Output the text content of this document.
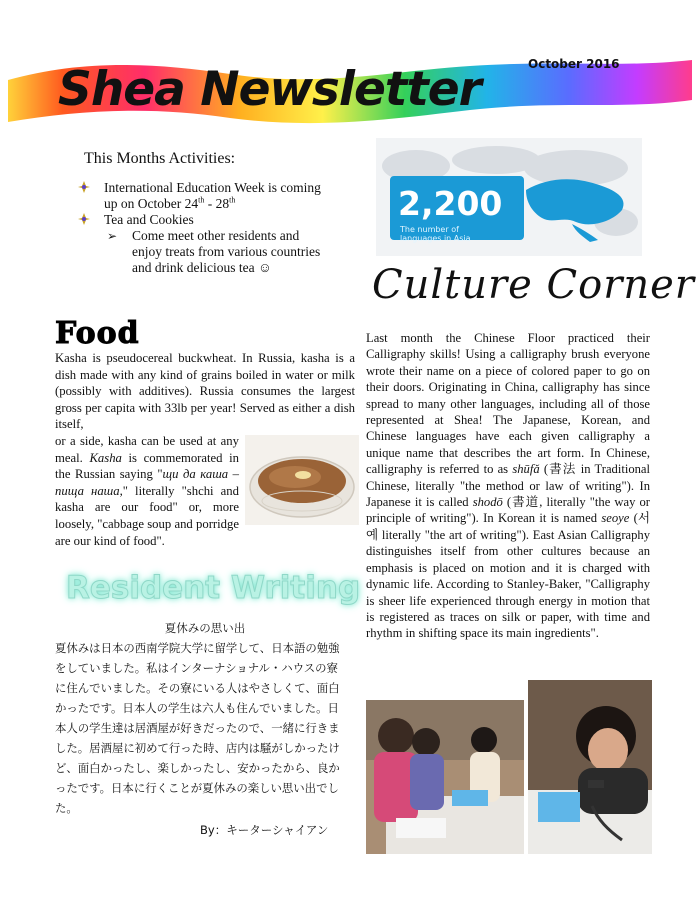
Shea Newsletter	October 2016
This Months Activities:

International Education Week is coming up on October 24th - 28th

Tea and Cookies

➢ Come meet other residents and enjoy treats from various countries and drink delicious tea ☺

Food

Kasha is pseudocereal buckwheat. In Russia, kasha is a dish made with any kind of grains boiled in water or milk (possibly with additives). Russia consumes the largest gross per capita with 33lb per year! Served as either a dish itself,

or a side, kasha can be used at any meal. Kasha is commemorated in the Russian saying "щи да каша – пища наша," literally "shchi and kasha are our food" or, more loosely, "cabbage soup and porridge are our kind of food".

Resident Writing
夏休みの思い出
夏休みは日本の西南学院大学に留学して、日本語の勉強をしていました。私はインターナショナル・ハウスの寮に住んでいました。その寮にいる人はやさしくて、面白かったです。日本人の学生は六人も住んでいました。日本人の学生達は居酒屋が好きだったので、一緒に行きました。居酒屋に初めて行った時、店内は騒がしかったけど、面白かったし、楽しかったし、安かったから、良かったです。日本に行くことが夏休みの楽しい思い出でした。
By：キーターシャイアン
2,200
The number of languages in Asia
Culture Corner

Last month the Chinese Floor practiced their Calligraphy skills! Using a calligraphy brush everyone wrote their name on a piece of colored paper to go on their doors. Originating in China, calligraphy has since spread to many other languages, including all of those represented at Shea! The Japanese, Korean, and Chinese languages have each given calligraphy a unique name that describes the art form. In Chinese, calligraphy is referred to as shūfǎ (書法 in Traditional Chinese, literally "the method or law of writing"). In Japanese it is called shodō (書道, literally "the way or principle of writing"). In Korean it is named seoye (서예 literally "the art of writing"). East Asian Calligraphy distinguishes itself from other cultures because an emphasis is placed on motion and it is charged with dynamic life. According to Stanley-Baker, "Calligraphy is sheer life experienced through energy in motion that is registered as traces on silk or paper, with time and rhythm in shifting space its main ingredients".
